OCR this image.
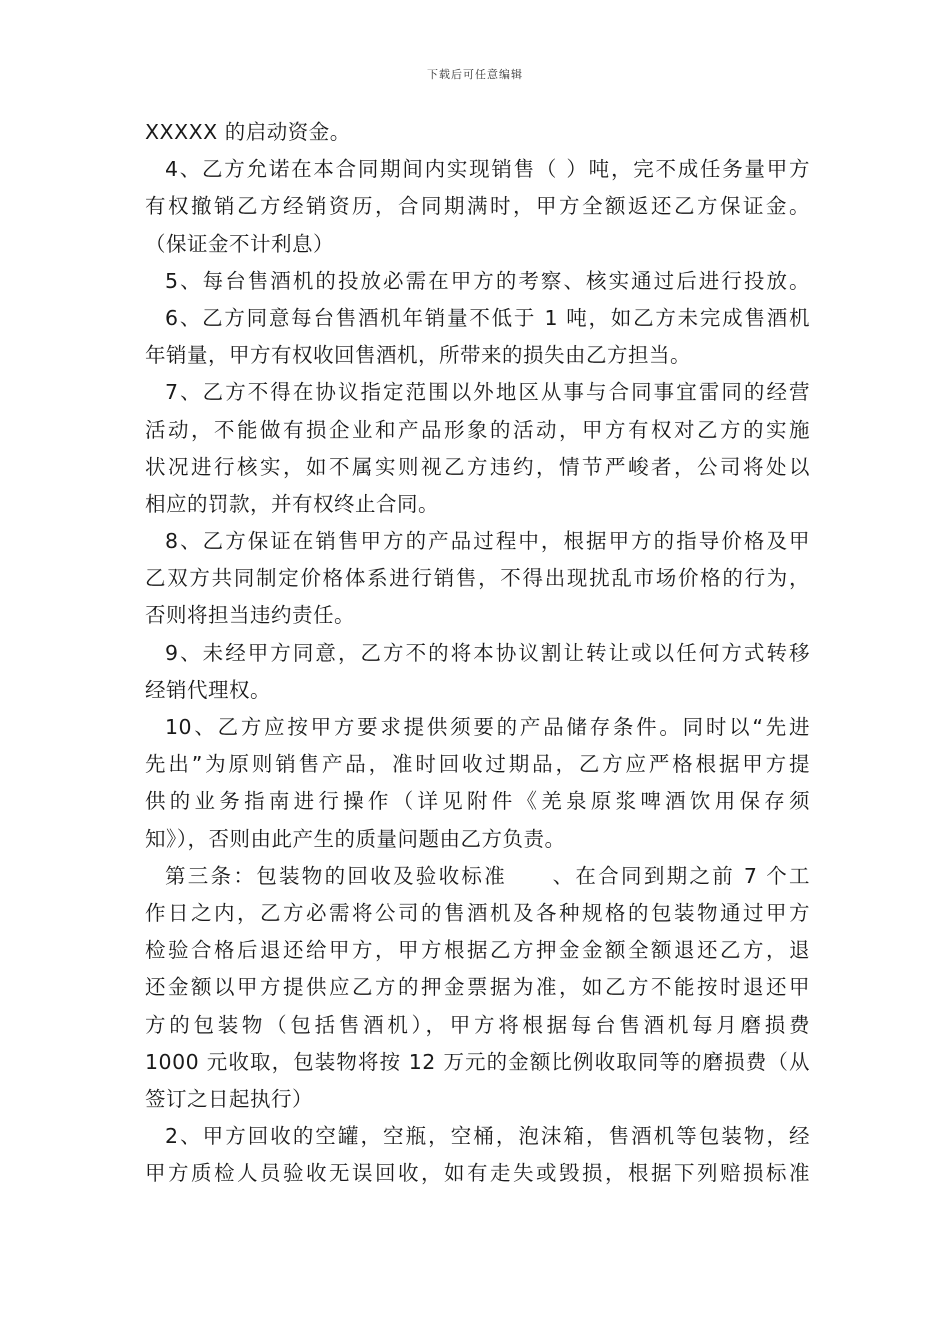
下载后可任意编辑
XXXXX 的启动资金。
4、乙方允诺在本合同期间内实现销售（ ）吨，完不成任务量甲方
有权撤销乙方经销资历，合同期满时，甲方全额返还乙方保证金。
（保证金不计利息）
5、每台售酒机的投放必需在甲方的考察、核实通过后进行投放。
6、乙方同意每台售酒机年销量不低于 1 吨，如乙方未完成售酒机
年销量，甲方有权收回售酒机，所带来的损失由乙方担当。
7、乙方不得在协议指定范围以外地区从事与合同事宜雷同的经营
活动，不能做有损企业和产品形象的活动，甲方有权对乙方的实施
状况进行核实，如不属实则视乙方违约，情节严峻者，公司将处以
相应的罚款，并有权终止合同。
8、乙方保证在销售甲方的产品过程中，根据甲方的指导价格及甲
乙双方共同制定价格体系进行销售，不得出现扰乱市场价格的行为，
否则将担当违约责任。
9、未经甲方同意，乙方不的将本协议割让转让或以任何方式转移
经销代理权。
10、乙方应按甲方要求提供须要的产品储存条件。同时以“先进
先出”为原则销售产品，准时回收过期品，乙方应严格根据甲方提
供的业务指南进行操作（详见附件《羌泉原浆啤酒饮用保存须
知》），否则由此产生的质量问题由乙方负责。
第三条：包装物的回收及验收标准　　、在合同到期之前 7 个工
作日之内，乙方必需将公司的售酒机及各种规格的包装物通过甲方
检验合格后退还给甲方，甲方根据乙方押金金额全额退还乙方，退
还金额以甲方提供应乙方的押金票据为准，如乙方不能按时退还甲
方的包装物（包括售酒机），甲方将根据每台售酒机每月磨损费
1000 元收取，包装物将按 12 万元的金额比例收取同等的磨损费（从
签订之日起执行）
2、甲方回收的空罐，空瓶，空桶，泡沫箱，售酒机等包装物，经
甲方质检人员验收无误回收，如有走失或毁损，根据下列赔损标准
